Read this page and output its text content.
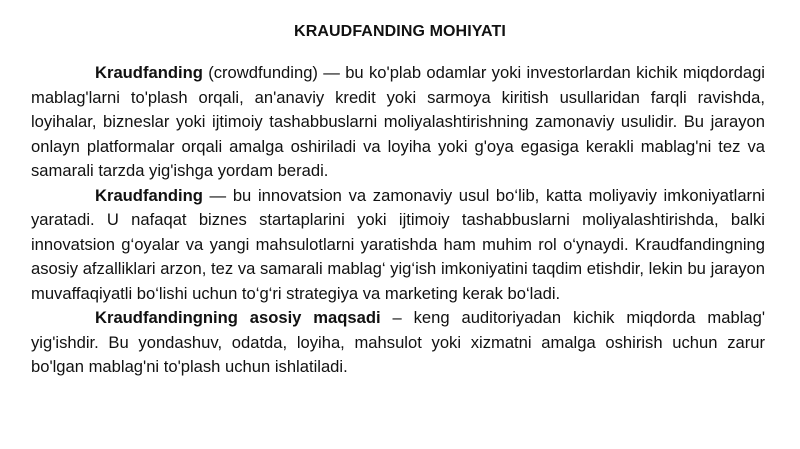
KRAUDFANDING MOHIYATI

Kraudfanding (crowdfunding) — bu ko'plab odamlar yoki investorlardan kichik miqdordagi mablag'larni to'plash orqali, an'anaviy kredit yoki sarmoya kiritish usullaridan farqli ravishda, loyihalar, bizneslar yoki ijtimoiy tashabbuslarni moliyalashtirishning zamonaviy usulidir. Bu jarayon onlayn platformalar orqali amalga oshiriladi va loyiha yoki g'oya egasiga kerakli mablag'ni tez va samarali tarzda yig'ishga yordam beradi.

Kraudfanding — bu innovatsion va zamonaviy usul bo‘lib, katta moliyaviy imkoniyatlarni yaratadi. U nafaqat biznes startaplarini yoki ijtimoiy tashabbuslarni moliyalashtirishda, balki innovatsion g‘oyalar va yangi mahsulotlarni yaratishda ham muhim rol o‘ynaydi. Kraudfandingning asosiy afzalliklari arzon, tez va samarali mablag‘ yig‘ish imkoniyatini taqdim etishdir, lekin bu jarayon muvaffaqiyatli bo‘lishi uchun to‘g‘ri strategiya va marketing kerak bo‘ladi.

Kraudfandingning asosiy maqsadi – keng auditoriyadan kichik miqdorda mablag' yig'ishdir. Bu yondashuv, odatda, loyiha, mahsulot yoki xizmatni amalga oshirish uchun zarur bo'lgan mablag'ni to'plash uchun ishlatiladi.
